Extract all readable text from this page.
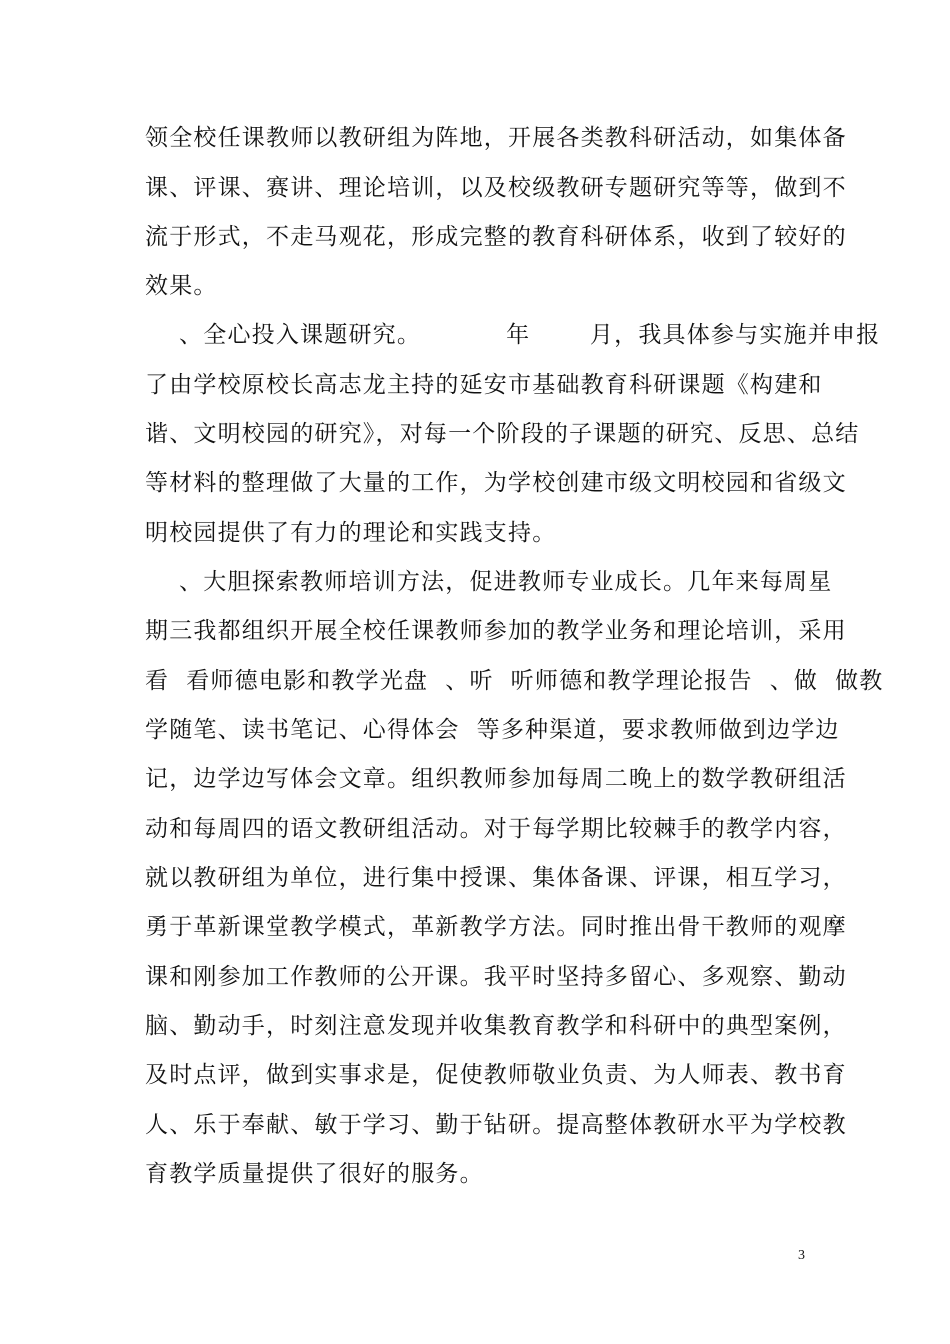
领全校任课教师以教研组为阵地，开展各类教科研活动，如集体备
课、评课、赛讲、理论培训，以及校级教研专题研究等等，做到不
流于形式，不走马观花，形成完整的教育科研体系，收到了较好的
效果。
、全心投入课题研究。          年       月，我具体参与实施并申报
了由学校原校长高志龙主持的延安市基础教育科研课题《构建和
谐、文明校园的研究》，对每一个阶段的子课题的研究、反思、总结
等材料的整理做了大量的工作，为学校创建市级文明校园和省级文
明校园提供了有力的理论和实践支持。
、大胆探索教师培训方法，促进教师专业成长。几年来每周星
期三我都组织开展全校任课教师参加的教学业务和理论培训，采用
看  看师德电影和教学光盘  、听  听师德和教学理论报告  、做  做教
学随笔、读书笔记、心得体会  等多种渠道，要求教师做到边学边
记，边学边写体会文章。组织教师参加每周二晚上的数学教研组活
动和每周四的语文教研组活动。对于每学期比较棘手的教学内容，
就以教研组为单位，进行集中授课、集体备课、评课，相互学习，
勇于革新课堂教学模式，革新教学方法。同时推出骨干教师的观摩
课和刚参加工作教师的公开课。我平时坚持多留心、多观察、勤动
脑、勤动手，时刻注意发现并收集教育教学和科研中的典型案例，
及时点评，做到实事求是，促使教师敬业负责、为人师表、教书育
人、乐于奉献、敏于学习、勤于钻研。提高整体教研水平为学校教
育教学质量提供了很好的服务。
3
